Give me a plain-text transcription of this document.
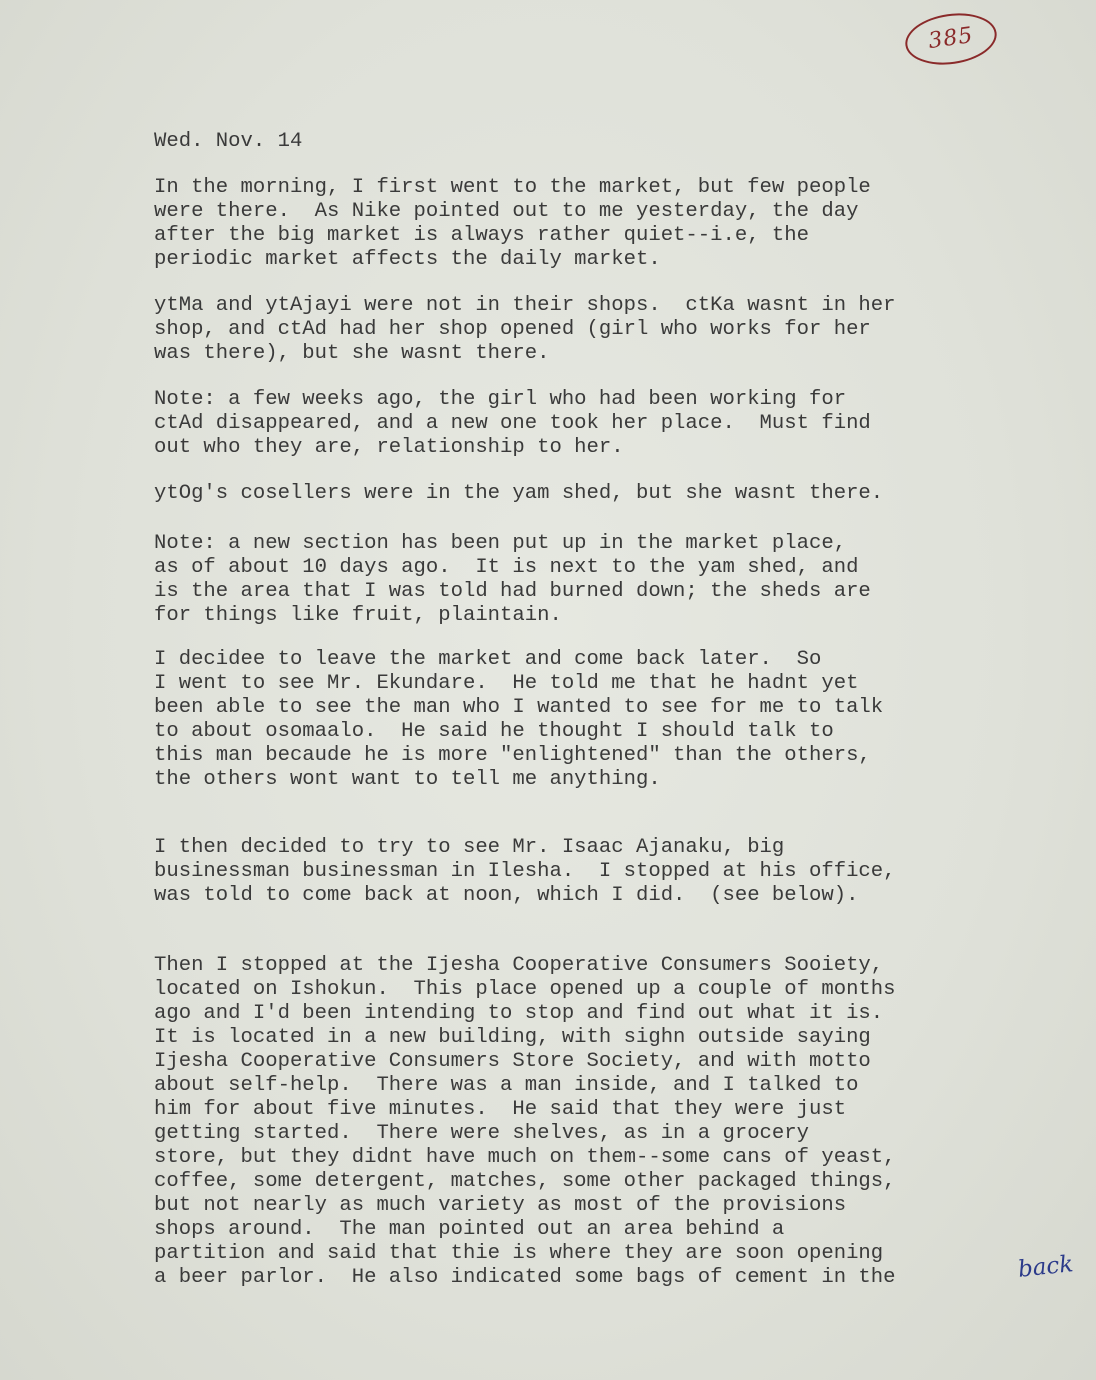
385
Wed. Nov. 14
In the morning, I first went to the market, but few people
were there.  As Nike pointed out to me yesterday, the day
after the big market is always rather quiet--i.e, the
periodic market affects the daily market.
ytMa and ytAjayi were not in their shops.  ctKa wasnt in her
shop, and ctAd had her shop opened (girl who works for her
was there), but she wasnt there.
Note: a few weeks ago, the girl who had been working for
ctAd disappeared, and a new one took her place.  Must find
out who they are, relationship to her.
ytOg's cosellers were in the yam shed, but she wasnt there.
Note: a new section has been put up in the market place,
as of about 10 days ago.  It is next to the yam shed, and
is the area that I was told had burned down; the sheds are
for things like fruit, plaintain.
I decidee to leave the market and come back later.  So
I went to see Mr. Ekundare.  He told me that he hadnt yet
been able to see the man who I wanted to see for me to talk
to about osomaalo.  He said he thought I should talk to
this man becaude he is more "enlightened" than the others,
the others wont want to tell me anything.
I then decided to try to see Mr. Isaac Ajanaku, big
businessman businessman in Ilesha.  I stopped at his office,
was told to come back at noon, which I did.  (see below).
Then I stopped at the Ijesha Cooperative Consumers Sooiety,
located on Ishokun.  This place opened up a couple of months
ago and I'd been intending to stop and find out what it is.
It is located in a new building, with sighn outside saying
Ijesha Cooperative Consumers Store Society, and with motto
about self-help.  There was a man inside, and I talked to
him for about five minutes.  He said that they were just
getting started.  There were shelves, as in a grocery
store, but they didnt have much on them--some cans of yeast,
coffee, some detergent, matches, some other packaged things,
but not nearly as much variety as most of the provisions
shops around.  The man pointed out an area behind a
partition and said that thie is where they are soon opening
a beer parlor.  He also indicated some bags of cement in the	back
